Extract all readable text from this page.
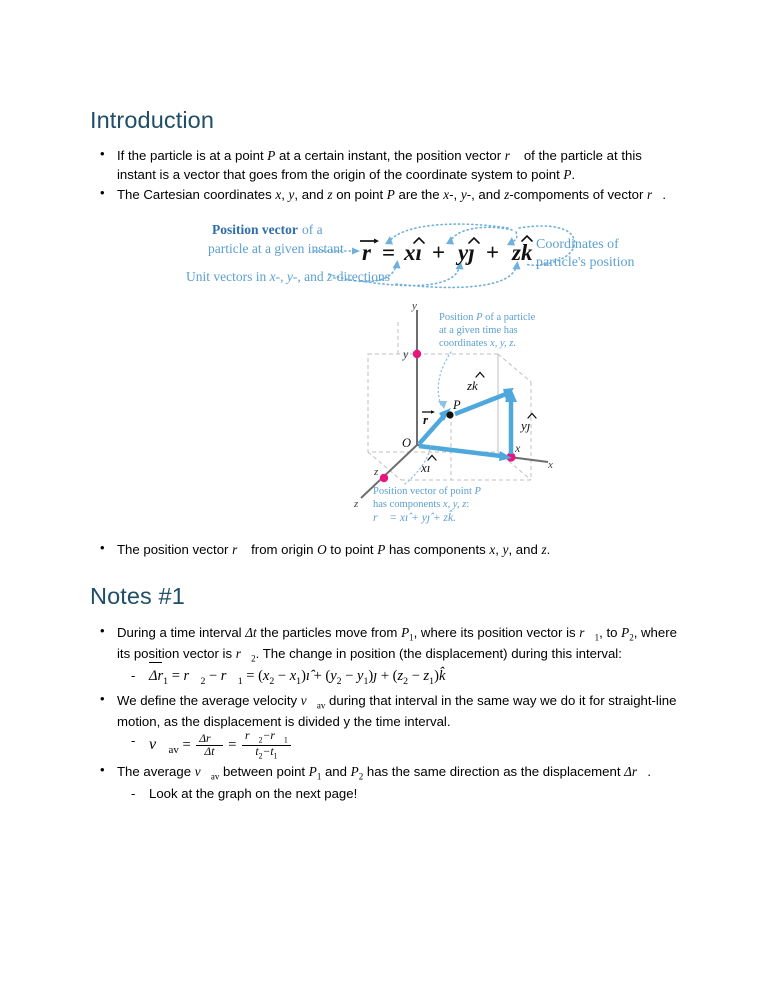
Introduction
• If the particle is at a point P at a certain instant, the position vector r⃗ of the particle at this instant is a vector that goes from the origin of the coordinate system to point P.
• The Cartesian coordinates x, y, and z on point P are the x-, y-, and z-compoments of vector r⃗.
Position vector of a
particle at a given instant
Unit vectors in x-, y-, and z-directions
Coordinates of
particle's position
r = xı + yȷ + zk
y
x
z
y
z
x
P
O
r
xı
yȷ
zk
Position P of a particle
at a given time has
coordinates x, y, z.
Position vector of point P
has components x, y, z:
r⃗ = xı̂ + yȷ̂ + zk̂.
• The position vector r⃗ from origin O to point P has components x, y, and z.
Notes #1
• During a time interval Δt the particles move from $P_1$, where its position vector is $r⃗_1$, to $P_2$, where its position vector is $r⃗_2$. The change in position (the displacement) during this interval:
-
$\Delta r_1$ = $r⃗_2$ − $r⃗_1 = (x_2$ − $x_1)ı̂ + (y_2$ − $y_1)ȷ + (z_2$ − $z_1)k̂$
• We define the average velocity $v⃗_{av}$ during that interval in the same way we do it for straight-line motion, as the displacement is divided y the time interval.
- $v⃗_{av} = \frac{\Delta r⃗}{\Delta t} = \frac{r⃗_2-r⃗_1}{t_2-t_1}$
• The average $v⃗_{av}$ between point $P_1$ and $P_2$ has the same direction as the displacement Δr⃗.
- Look at the graph on the next page!
